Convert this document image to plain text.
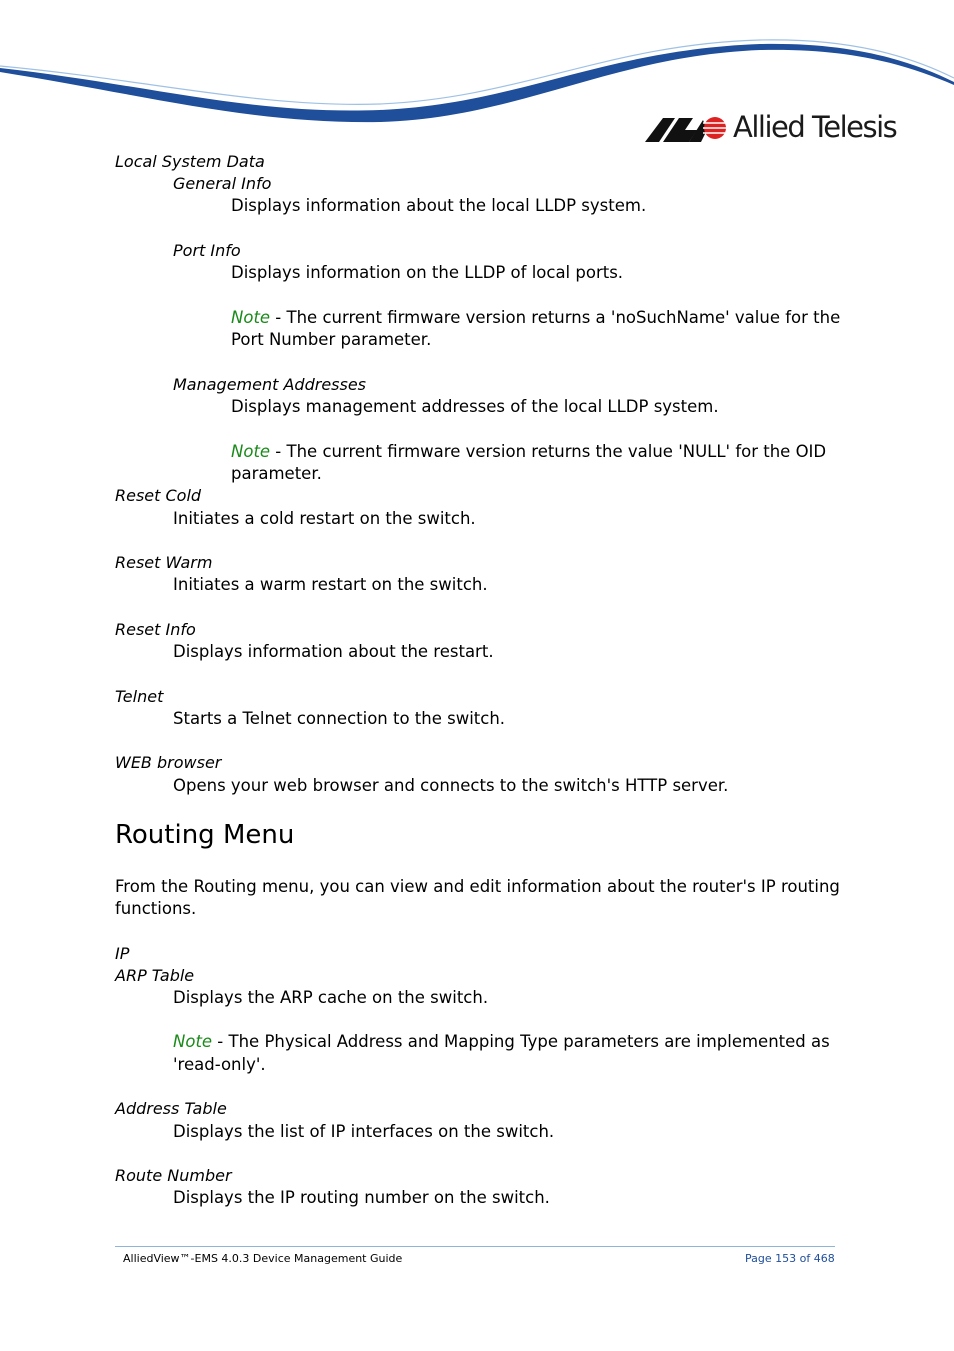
Allied Telesis
Local System Data
General Info
Displays information about the local LLDP system.
Port Info
Displays information on the LLDP of local ports.
Note - The current firmware version returns a 'noSuchName' value for the
Port Number parameter.
Management Addresses
Displays management addresses of the local LLDP system.
Note - The current firmware version returns the value 'NULL' for the OID
parameter.
Reset Cold
Initiates a cold restart on the switch.
Reset Warm
Initiates a warm restart on the switch.
Reset Info
Displays information about the restart.
Telnet
Starts a Telnet connection to the switch.
WEB browser
Opens your web browser and connects to the switch's HTTP server.
Routing Menu
From the Routing menu, you can view and edit information about the router's IP routing
functions.
IP
ARP Table
Displays the ARP cache on the switch.
Note - The Physical Address and Mapping Type parameters are implemented as
'read-only'.
Address Table
Displays the list of IP interfaces on the switch.
Route Number
Displays the IP routing number on the switch.
AlliedView™-EMS 4.0.3 Device Management Guide	Page 153 of 468
